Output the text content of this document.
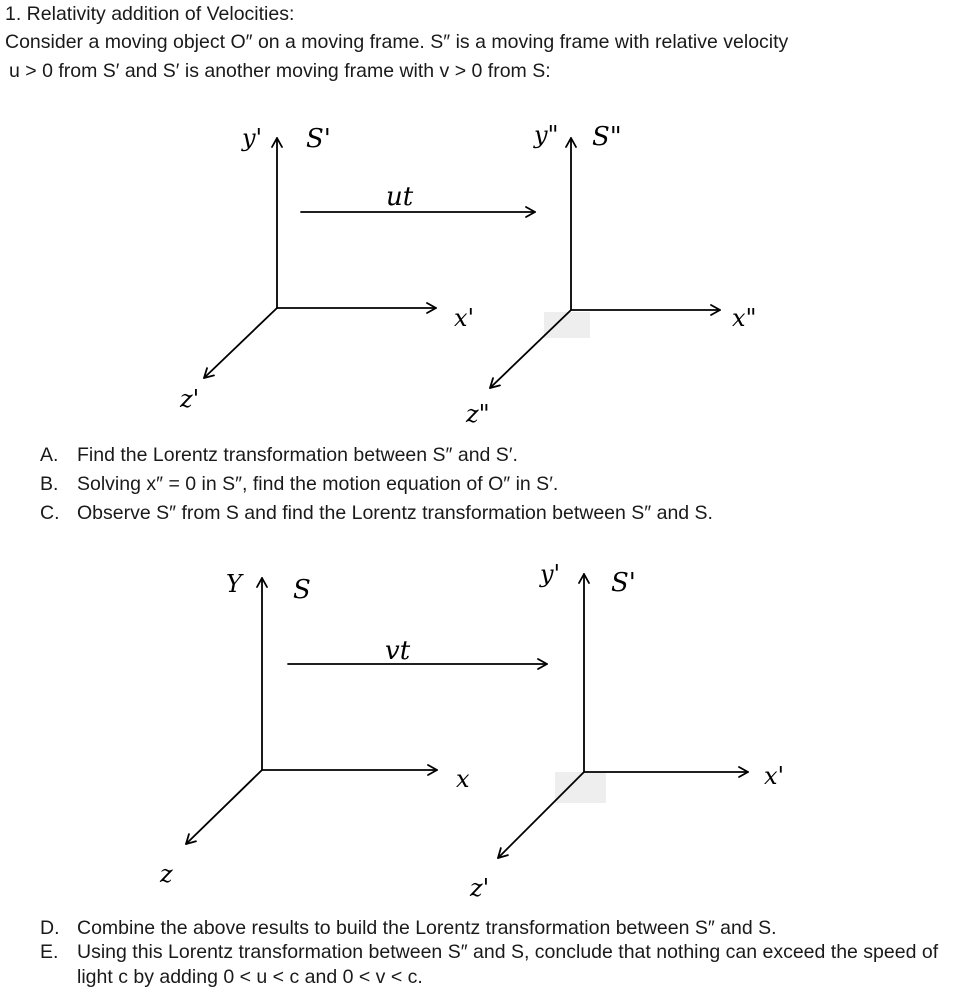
1. Relativity addition of Velocities:

Consider a moving object O″ on a moving frame. S″ is a moving frame with relative velocity

u > 0 from S′ and S′ is another moving frame with v > 0 from S:

y' S'
x'
z'
ut
y" S"
x"
z"
A. Find the Lorentz transformation between S″ and S′.
B. Solving x″ = 0 in S″, find the motion equation of O″ in S′.
C. Observe S″ from S and find the Lorentz transformation between S″ and S.
Y S
x
z
vt
y' S'
x'
z'
D. Combine the above results to build the Lorentz transformation between S″ and S.
E. Using this Lorentz transformation between S″ and S, conclude that nothing can exceed the speed of light c by adding 0 < u < c and 0 < v < c.
